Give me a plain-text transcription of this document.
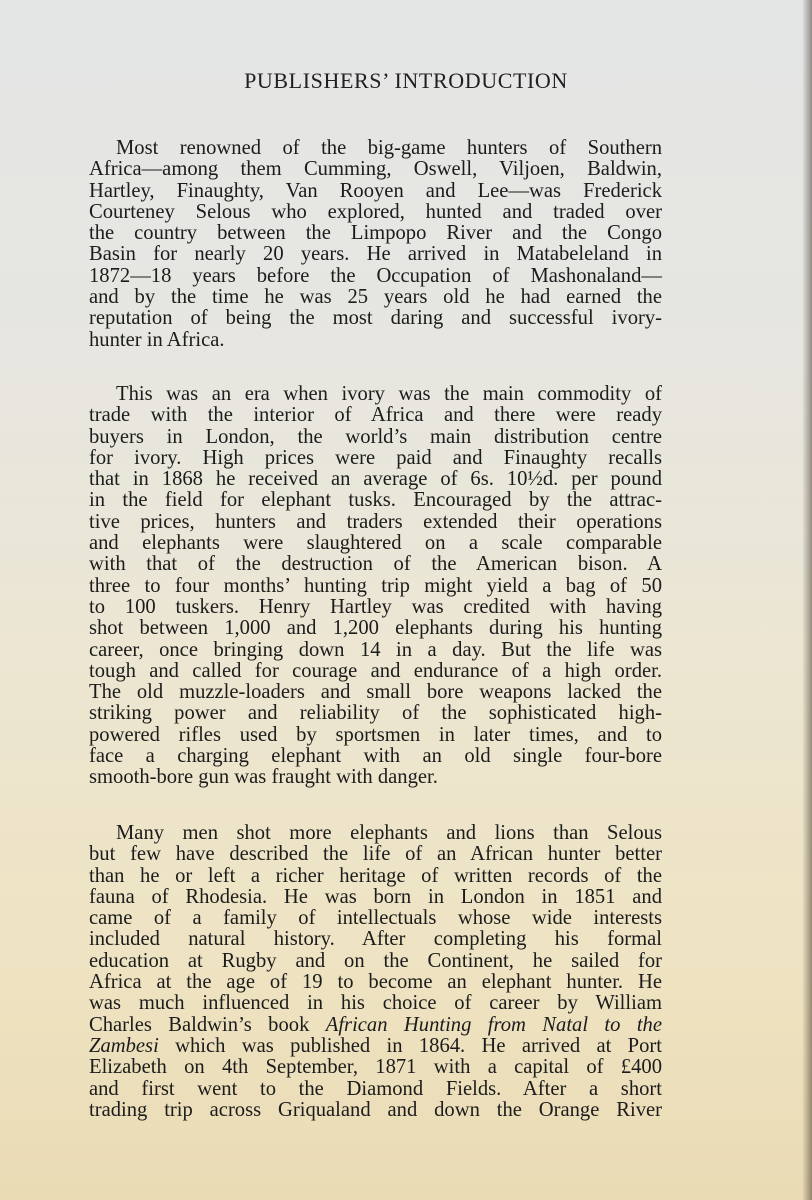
PUBLISHERS’ INTRODUCTION

Most renowned of the big-game hunters of Southern
Africa—among them Cumming, Oswell, Viljoen, Baldwin,
Hartley, Finaughty, Van Rooyen and Lee—was Frederick
Courteney Selous who explored, hunted and traded over
the country between the Limpopo River and the Congo
Basin for nearly 20 years. He arrived in Matabeleland in
1872—18 years before the Occupation of Mashonaland—
and by the time he was 25 years old he had earned the
reputation of being the most daring and successful ivory-
hunter in Africa.

This was an era when ivory was the main commodity of
trade with the interior of Africa and there were ready
buyers in London, the world’s main distribution centre
for ivory. High prices were paid and Finaughty recalls
that in 1868 he received an average of 6s. 10½d. per pound
in the field for elephant tusks. Encouraged by the attrac-
tive prices, hunters and traders extended their operations
and elephants were slaughtered on a scale comparable
with that of the destruction of the American bison. A
three to four months’ hunting trip might yield a bag of 50
to 100 tuskers. Henry Hartley was credited with having
shot between 1,000 and 1,200 elephants during his hunting
career, once bringing down 14 in a day. But the life was
tough and called for courage and endurance of a high order.
The old muzzle-loaders and small bore weapons lacked the
striking power and reliability of the sophisticated high-
powered rifles used by sportsmen in later times, and to
face a charging elephant with an old single four-bore
smooth-bore gun was fraught with danger.

Many men shot more elephants and lions than Selous
but few have described the life of an African hunter better
than he or left a richer heritage of written records of the
fauna of Rhodesia. He was born in London in 1851 and
came of a family of intellectuals whose wide interests
included natural history. After completing his formal
education at Rugby and on the Continent, he sailed for
Africa at the age of 19 to become an elephant hunter. He
was much influenced in his choice of career by William
Charles Baldwin’s book African Hunting from Natal to the
Zambesi which was published in 1864. He arrived at Port
Elizabeth on 4th September, 1871 with a capital of £400
and first went to the Diamond Fields. After a short
trading trip across Griqualand and down the Orange River
